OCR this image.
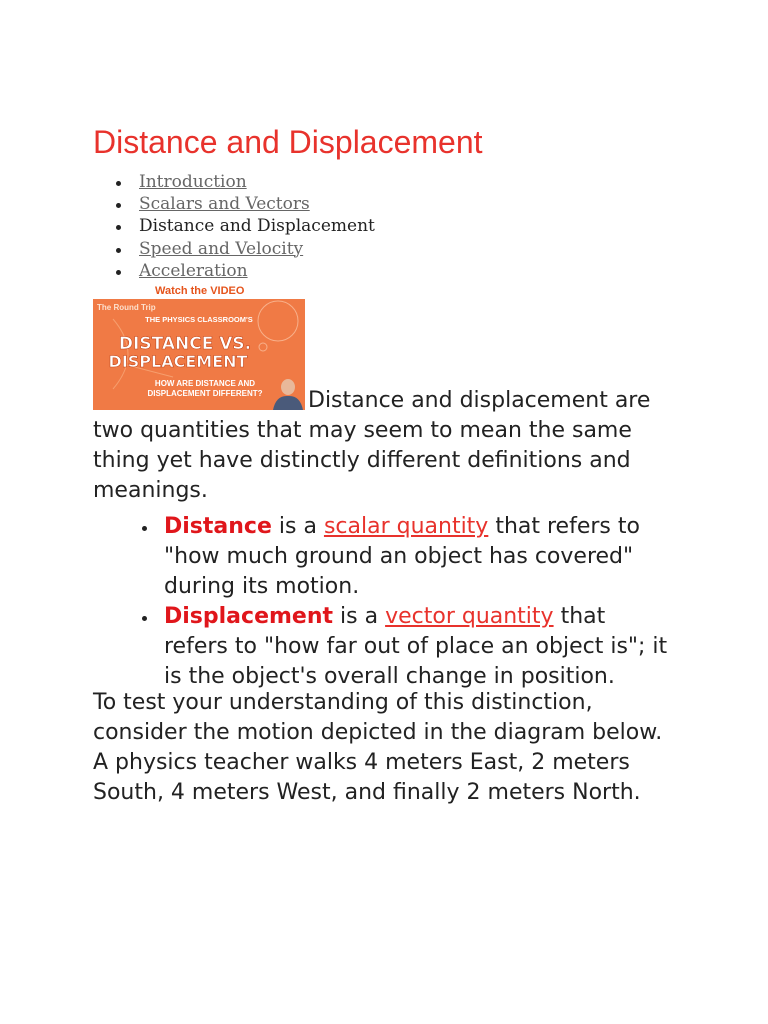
Distance and Displacement
Introduction
Scalars and Vectors
Distance and Displacement
Speed and Velocity
Acceleration
Watch the VIDEO
The Round Trip
THE PHYSICS CLASSROOM'S
DISTANCE VS.
DISPLACEMENT
HOW ARE DISTANCE AND
DISPLACEMENT DIFFERENT? Distance and displacement are
two quantities that may seem to mean the same thing yet have distinctly different definitions and meanings.
Distance is a scalar quantity that refers to "how much ground an object has covered" during its motion.
Displacement is a vector quantity that refers to "how far out of place an object is"; it is the object's overall change in position.
To test your understanding of this distinction, consider the motion depicted in the diagram below. A physics teacher walks 4 meters East, 2 meters South, 4 meters West, and finally 2 meters North.
